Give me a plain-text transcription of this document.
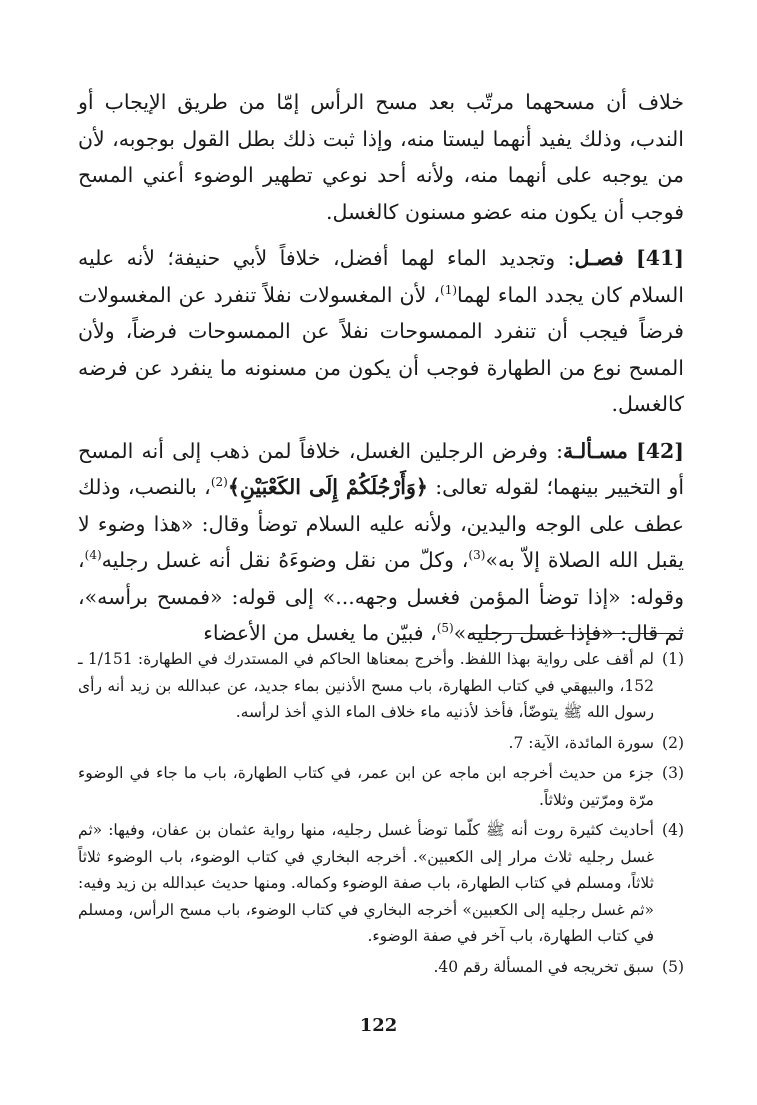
خلاف أن مسحهما مرتّب بعد مسح الرأس إمّا من طريق الإيجاب أو الندب، وذلك يفيد أنهما ليستا منه، وإذا ثبت ذلك بطل القول بوجوبه، لأن من يوجبه على أنهما منه، ولأنه أحد نوعي تطهير الوضوء أعني المسح فوجب أن يكون منه عضو مسنون كالغسل.

[41] فصـل: وتجديد الماء لهما أفضل، خلافاً لأبي حنيفة؛ لأنه عليه السلام كان يجدد الماء لهما$^{(1)}$، لأن المغسولات نفلاً تنفرد عن المغسولات فرضاً فيجب أن تنفرد الممسوحات نفلاً عن الممسوحات فرضاً، ولأن المسح نوع من الطهارة فوجب أن يكون من مسنونه ما ينفرد عن فرضه كالغسل.

[42] مسـألـة: وفرض الرجلين الغسل، خلافاً لمن ذهب إلى أنه المسح أو التخيير بينهما؛ لقوله تعالى: ﴿وَأَرْجُلَكُمْ إِلَى الكَعْبَيْنِ﴾$^{(2)}$، بالنصب، وذلك عطف على الوجه واليدين، ولأنه عليه السلام توضأ وقال: «هذا وضوء لا يقبل الله الصلاة إلاّ به»$^{(3)}$، وكلّ من نقل وضوءَهُ نقل أنه غسل رجليه$^{(4)}$، وقوله: «إذا توضأ المؤمن فغسل وجهه...» إلى قوله: «فمسح برأسه»، ثم قال: «فإذا غسل رجليه»$^{(5)}$، فبيّن ما يغسل من الأعضاء

(1)
لم أقف على رواية بهذا اللفظ. وأخرج بمعناها الحاكم في المستدرك في الطهارة: 1/151 ـ 152، والبيهقي في كتاب الطهارة، باب مسح الأذنين بماء جديد، عن عبدالله بن زيد أنه رأى رسول الله ﷺ يتوضّأ، فأخذ لأذنيه ماء خلاف الماء الذي أخذ لرأسه.
(2)
سورة المائدة، الآية: 7.
(3)
جزء من حديث أخرجه ابن ماجه عن ابن عمر، في كتاب الطهارة، باب ما جاء في الوضوء مرّة ومرّتين وثلاثاً.
(4)
أحاديث كثيرة روت أنه ﷺ كلّما توضأ غسل رجليه، منها رواية عثمان بن عفان، وفيها: «ثم غسل رجليه ثلاث مرار إلى الكعبين». أخرجه البخاري في كتاب الوضوء، باب الوضوء ثلاثاً ثلاثاً، ومسلم في كتاب الطهارة، باب صفة الوضوء وكماله. ومنها حديث عبدالله بن زيد وفيه: «ثم غسل رجليه إلى الكعبين» أخرجه البخاري في كتاب الوضوء، باب مسح الرأس، ومسلم في كتاب الطهارة، باب آخر في صفة الوضوء.
(5)
سبق تخريجه في المسألة رقم 40.
122
